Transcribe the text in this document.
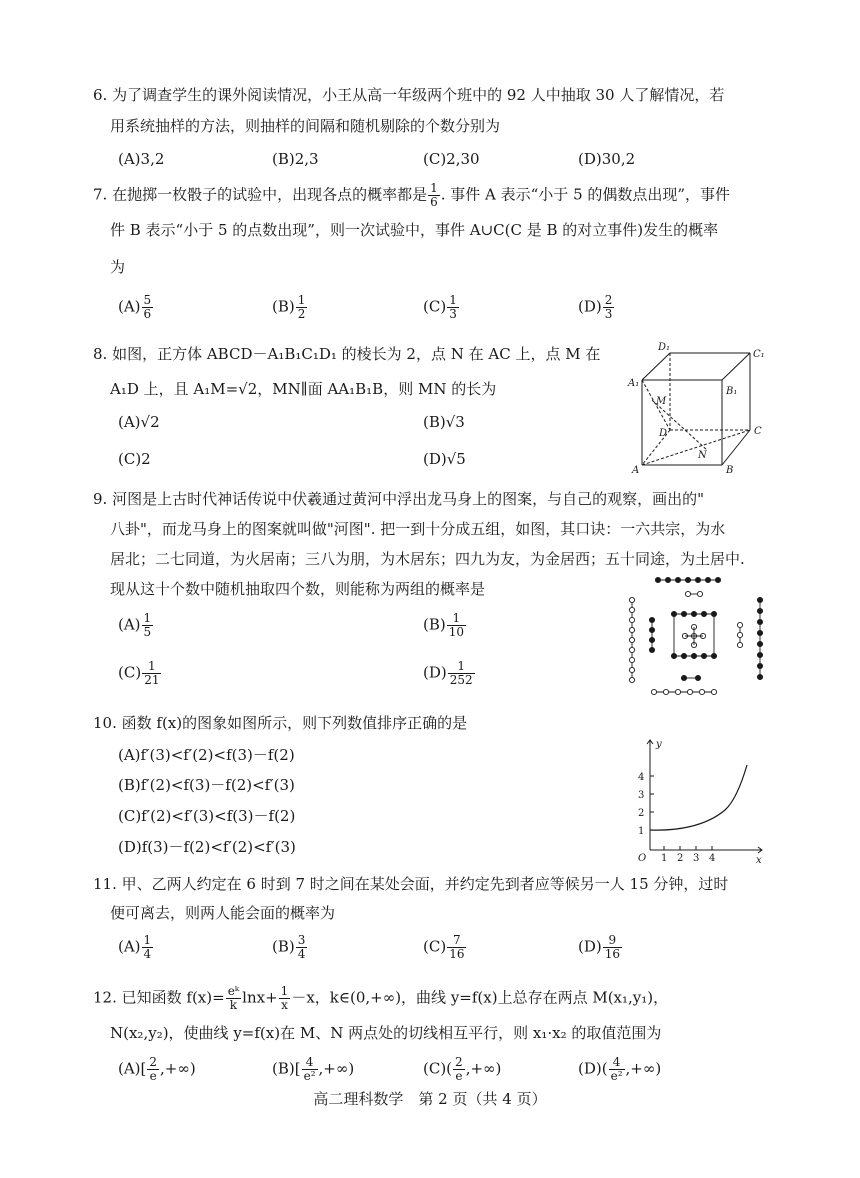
6. 为了调查学生的课外阅读情况，小王从高一年级两个班中的 92 人中抽取 30 人了解情况，若
用系统抽样的方法，则抽样的间隔和随机剔除的个数分别为
(A)3,2	(B)2,3	(C)2,30	(D)30,2
7. 在抛掷一枚骰子的试验中，出现各点的概率都是 $\frac{1}{6}$ . 事件 A 表示“小于 5 的偶数点出现”，事件
件 B 表示“小于 5 的点数出现”，则一次试验中，事件 A∪C(C 是 B 的对立事件)发生的概率
为
$(A) \frac{5}{6}$	$(B) \frac{1}{2}$	$(C) \frac{1}{3}$	$(D) \frac{2}{3}$
8. 如图，正方体 ABCD－A₁B₁C₁D₁ 的棱长为 2，点 N 在 AC 上，点 M 在
A₁D 上，且 A₁M=√2，MN∥面 AA₁B₁B，则 MN 的长为
(A)√2	(B)√3
(C)2	(D)√5
D₁
C₁
A₁
B₁
M
D	C
N
A	B
9. 河图是上古时代神话传说中伏羲通过黄河中浮出龙马身上的图案，与自己的观察，画出的"
八卦"，而龙马身上的图案就叫做"河图". 把一到十分成五组，如图，其口诀：一六共宗，为水
居北；二七同道，为火居南；三八为朋，为木居东；四九为友，为金居西；五十同途，为土居中.
现从这十个数中随机抽取四个数，则能称为两组的概率是
$(A) \frac{1}{5}$	$(B) \frac{1}{10}$
$(C) \frac{1}{21}$	$(D) \frac{1}{252}$
10. 函数 f(x)的图象如图所示，则下列数值排序正确的是
(A)f′(3)<f′(2)<f(3)－f(2)
(B)f′(2)<f(3)－f(2)<f′(3)
(C)f′(2)<f′(3)<f(3)－f(2)
(D)f(3)－f(2)<f′(2)<f′(3)
y
x
O
1
2
3
4
1 2 3 4
11. 甲、乙两人约定在 6 时到 7 时之间在某处会面，并约定先到者应等候另一人 15 分钟，过时
便可离去，则两人能会面的概率为
$(A) \frac{1}{4}$	$(B) \frac{3}{4}$	$(C) \frac{7}{16}$	$(D) \frac{9}{16}$
12. 已知函数 $f(x)= \frac{\text{eᵏ}}{k} \ln x+ \frac{1}{x} -x$，k∈(0,+∞)，曲线 y=f(x)上总存在两点 M(x₁,y₁)，
N(x₂,y₂)，使曲线 y=f(x)在 M、N 两点处的切线相互平行，则 x₁·x₂ 的取值范围为
$(A)[ \frac{2}{e}$ ,+∞)	$(B)[ \frac{4}{\text{e²}}$ ,+∞)	$(C)( \frac{2}{e}$ ,+∞)	$(D)( \frac{4}{\text{e²}}$ ,+∞)
高二理科数学　第 2 页（共 4 页）
